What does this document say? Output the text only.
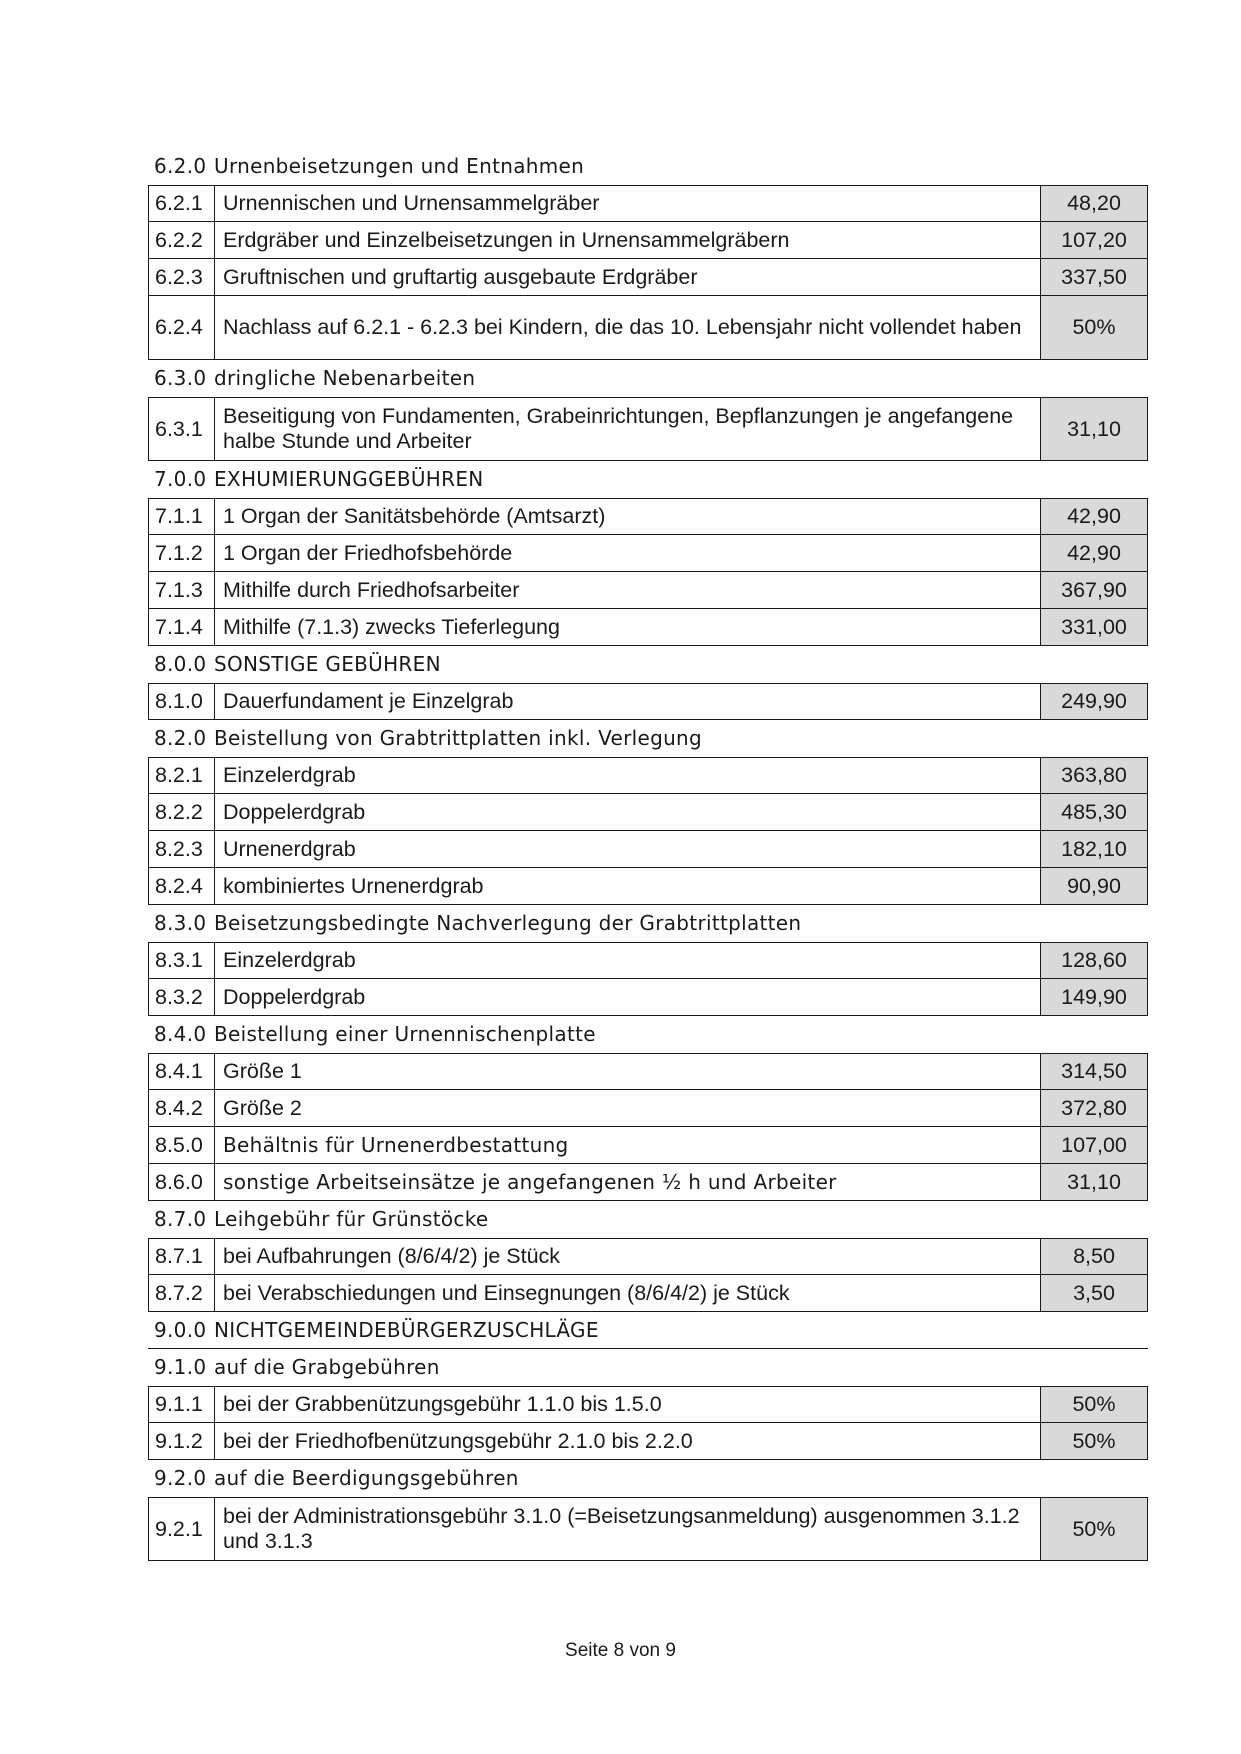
6.2.0 Urnenbeisetzungen und Entnahmen
6.2.1 Urnennischen und Urnensammelgräber	48,20
6.2.2 Erdgräber und Einzelbeisetzungen in Urnensammelgräbern	107,20
6.2.3 Gruftnischen und gruftartig ausgebaute Erdgräber	337,50
6.2.4 Nachlass auf 6.2.1 - 6.2.3 bei Kindern, die das 10. Lebensjahr nicht vollendet haben	50%
6.3.0 dringliche Nebenarbeiten
6.3.1
Beseitigung von Fundamenten, Grabeinrichtungen, Bepflanzungen je angefangene halbe Stunde und Arbeiter
31,10
7.0.0 EXHUMIERUNGGEBÜHREN
7.1.1 1 Organ der Sanitätsbehörde (Amtsarzt)	42,90
7.1.2 1 Organ der Friedhofsbehörde	42,90
7.1.3 Mithilfe durch Friedhofsarbeiter	367,90
7.1.4 Mithilfe (7.1.3) zwecks Tieferlegung	331,00
8.0.0 SONSTIGE GEBÜHREN
8.1.0 Dauerfundament je Einzelgrab	249,90
8.2.0 Beistellung von Grabtrittplatten inkl. Verlegung
8.2.1 Einzelerdgrab	363,80
8.2.2 Doppelerdgrab	485,30
8.2.3 Urnenerdgrab	182,10
8.2.4 kombiniertes Urnenerdgrab	90,90
8.3.0 Beisetzungsbedingte Nachverlegung der Grabtrittplatten
8.3.1 Einzelerdgrab	128,60
8.3.2 Doppelerdgrab	149,90
8.4.0 Beistellung einer Urnennischenplatte
8.4.1 Größe 1	314,50
8.4.2 Größe 2	372,80
8.5.0	Behältnis für Urnenerdbestattung	107,00
8.6.0	sonstige Arbeitseinsätze je angefangenen ½ h und Arbeiter	31,10
8.7.0 Leihgebühr für Grünstöcke
8.7.1 bei Aufbahrungen (8/6/4/2) je Stück	8,50
8.7.2 bei Verabschiedungen und Einsegnungen (8/6/4/2) je Stück	3,50
9.0.0 NICHTGEMEINDEBÜRGERZUSCHLÄGE
9.1.0 auf die Grabgebühren
9.1.1 bei der Grabbenützungsgebühr 1.1.0 bis 1.5.0	50%
9.1.2 bei der Friedhofbenützungsgebühr 2.1.0 bis 2.2.0	50%
9.2.0 auf die Beerdigungsgebühren
9.2.1
bei der Administrationsgebühr 3.1.0 (=Beisetzungsanmeldung) ausgenommen 3.1.2 und 3.1.3
50%
Seite 8 von 9
